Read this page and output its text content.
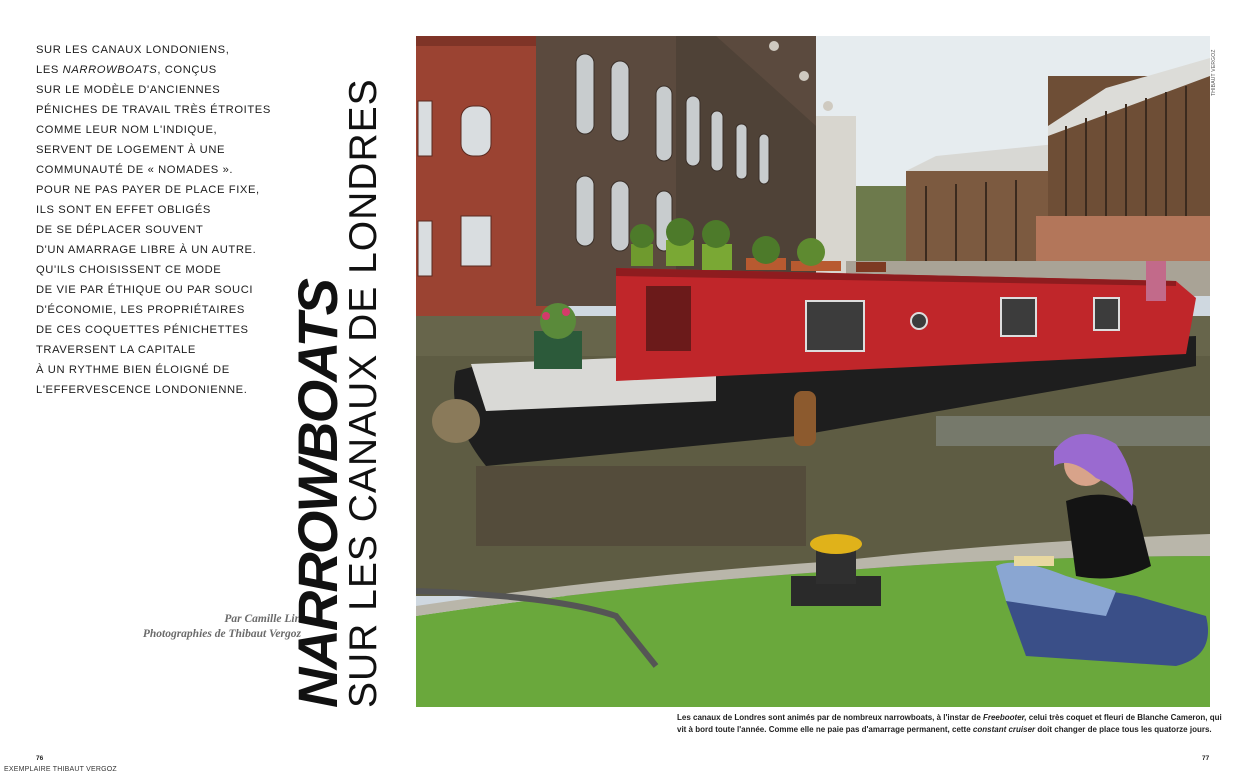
SUR LES CANAUX LONDONIENS,
LES NARROWBOATS, CONÇUS
SUR LE MODÈLE D'ANCIENNES
PÉNICHES DE TRAVAIL TRÈS ÉTROITES
COMME LEUR NOM L'INDIQUE,
SERVENT DE LOGEMENT À UNE
COMMUNAUTÉ DE « NOMADES ».
POUR NE PAS PAYER DE PLACE FIXE,
ILS SONT EN EFFET OBLIGÉS
DE SE DÉPLACER SOUVENT
D'UN AMARRAGE LIBRE À UN AUTRE.
QU'ILS CHOISISSENT CE MODE
DE VIE PAR ÉTHIQUE OU PAR SOUCI
D'ÉCONOMIE, LES PROPRIÉTAIRES
DE CES COQUETTES PÉNICHETTES
TRAVERSENT LA CAPITALE
À UN RYTHME BIEN ÉLOIGNÉ DE
L'EFFERVESCENCE LONDONIENNE.
Par Camille Lin
Photographies de Thibaut Vergoz
NARROWBOATS
SUR LES CANAUX DE LONDRES
THIBAUT VERGOZ
Les canaux de Londres sont animés par de nombreux narrowboats, à l'instar de Freebooter, celui très coquet et fleuri de Blanche Cameron, qui
vit à bord toute l'année. Comme elle ne paie pas d'amarrage permanent, cette constant cruiser doit changer de place tous les quatorze jours.
76	77
EXEMPLAIRE THIBAUT VERGOZ
